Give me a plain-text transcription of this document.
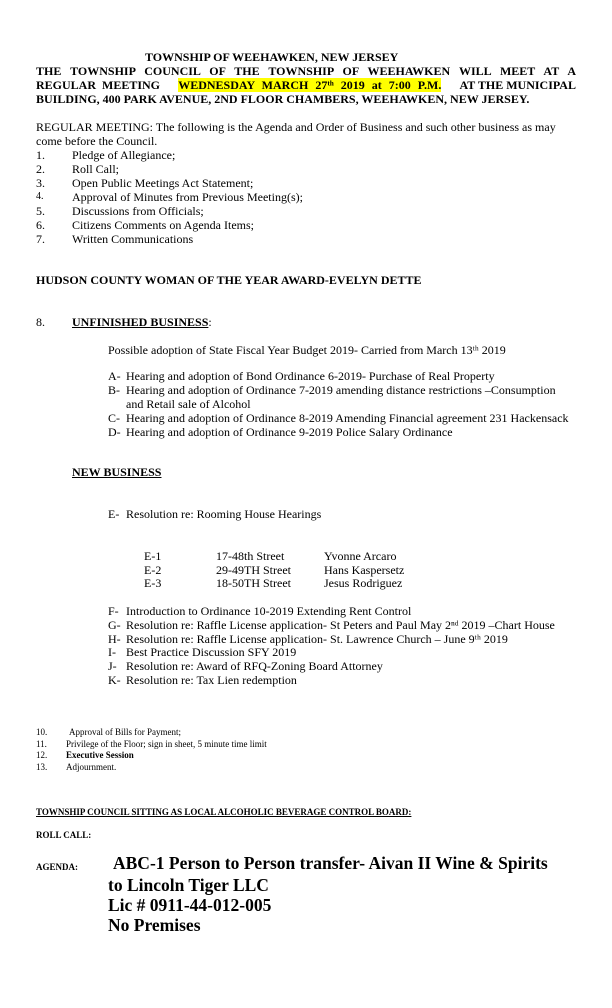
TOWNSHIP OF WEEHAWKEN, NEW JERSEY
THE TOWNSHIP COUNCIL OF THE TOWNSHIP OF WEEHAWKEN WILL MEET AT A
REGULAR MEETING WEDNESDAY MARCH 27ᵗʰ 2019 at 7:00 P.M. AT THE MUNICIPAL
BUILDING, 400 PARK AVENUE, 2ND FLOOR CHAMBERS, WEEHAWKEN, NEW JERSEY.
REGULAR MEETING: The following is the Agenda and Order of Business and such other business as may
come before the Council.
1. Pledge of Allegiance;
2. Roll Call;
3. Open Public Meetings Act Statement;
4. Approval of Minutes from Previous Meeting(s);
5. Discussions from Officials;
6. Citizens Comments on Agenda Items;
7. Written Communications
HUDSON COUNTY WOMAN OF THE YEAR AWARD-EVELYN DETTE
8. UNFINISHED BUSINESS:
Possible adoption of State Fiscal Year Budget 2019- Carried from March 13ᵗʰ 2019
A- Hearing and adoption of Bond Ordinance 6-2019- Purchase of Real Property
B- Hearing and adoption of Ordinance 7-2019 amending distance restrictions –Consumption
and Retail sale of Alcohol
C- Hearing and adoption of Ordinance 8-2019 Amending Financial agreement 231 Hackensack
D- Hearing and adoption of Ordinance 9-2019 Police Salary Ordinance
NEW BUSINESS
E- Resolution re: Rooming House Hearings
E-1	17-48th Street	Yvonne Arcaro
E-2	29-49TH Street	Hans Kaspersetz
E-3	18-50TH Street	Jesus Rodriguez
F- Introduction to Ordinance 10-2019 Extending Rent Control
G- Resolution re: Raffle License application- St Peters and Paul May 2ⁿᵈ 2019 –Chart House
H- Resolution re: Raffle License application- St. Lawrence Church – June 9ᵗʰ 2019
I- Best Practice Discussion SFY 2019
J- Resolution re: Award of RFQ-Zoning Board Attorney
K- Resolution re: Tax Lien redemption
10. Approval of Bills for Payment;
11. Privilege of the Floor; sign in sheet, 5 minute time limit
12. Executive Session
13. Adjournment.
TOWNSHIP COUNCIL SITTING AS LOCAL ALCOHOLIC BEVERAGE CONTROL BOARD:
ROLL CALL:
AGENDA: ABC-1 Person to Person transfer- Aivan II Wine & Spirits
to Lincoln Tiger LLC
Lic # 0911-44-012-005
No Premises
